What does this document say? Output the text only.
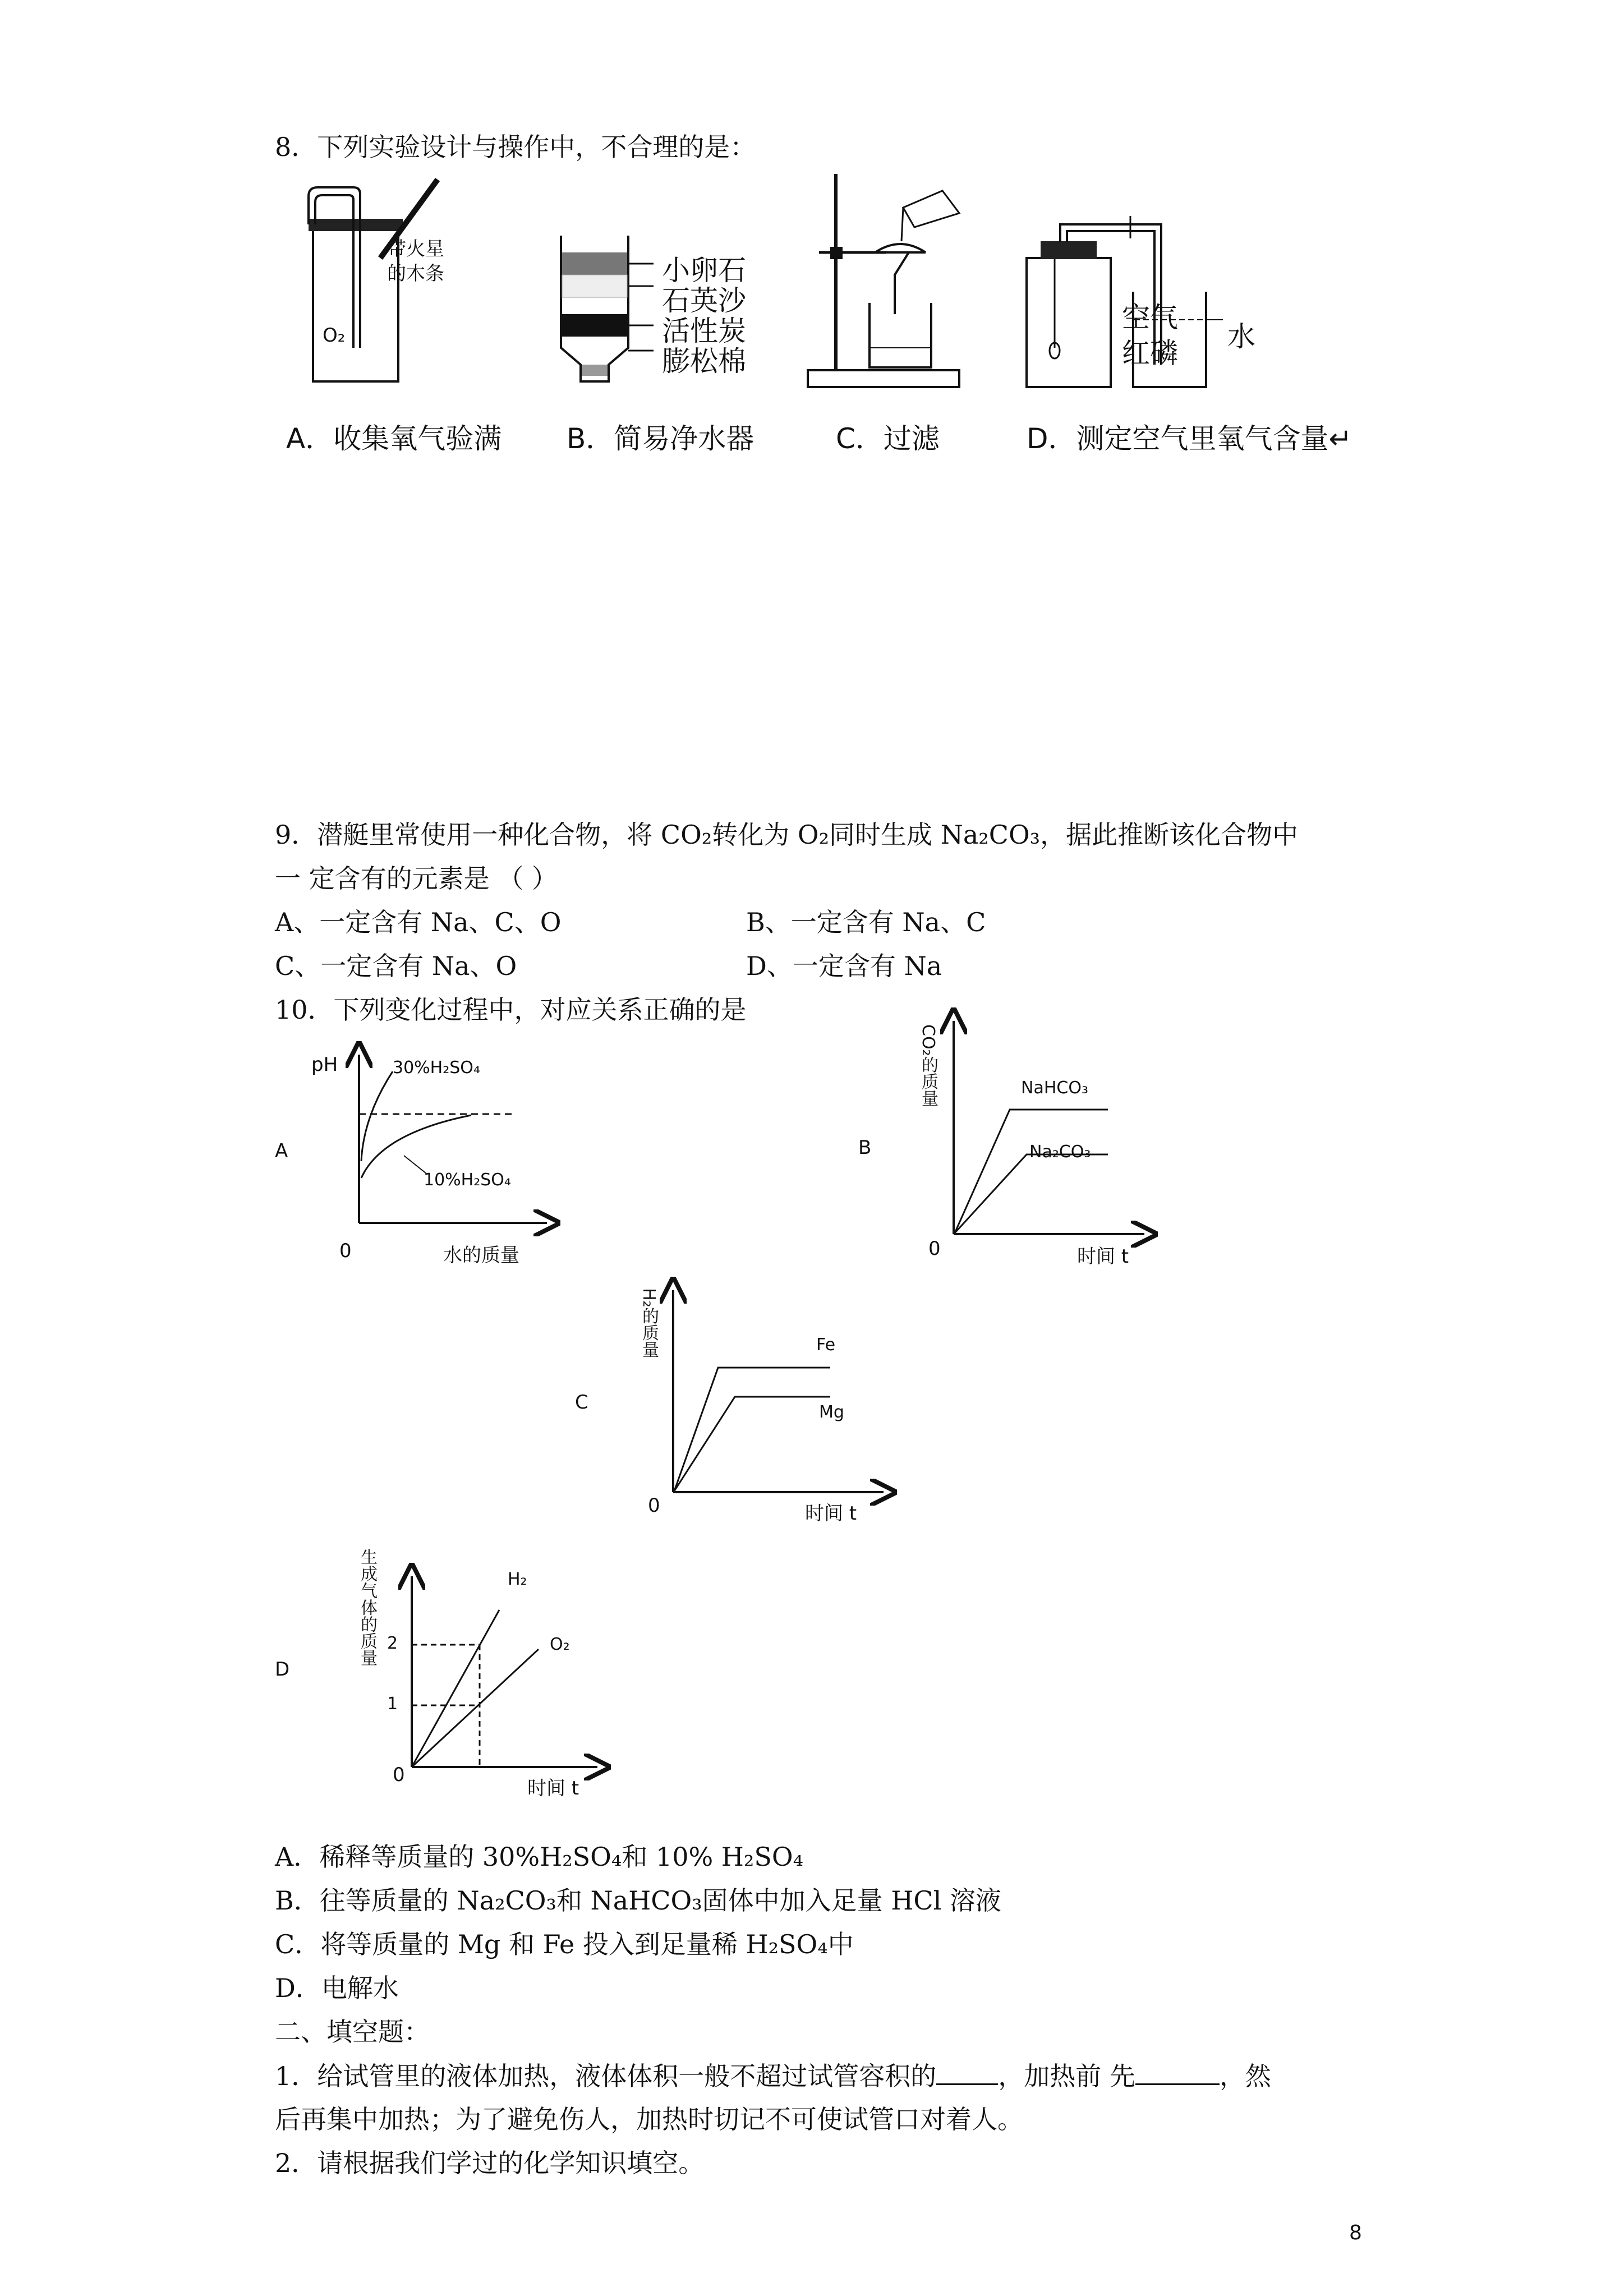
8．下列实验设计与操作中，不合理的是：
带火星
的木条
O₂
小卵石
石英沙
活性炭
膨松棉
空气
红磷
水
A．收集氧气验满 B．简易净水器	C．过滤	D．测定空气里氧气含量↵
9．潜艇里常使用一种化合物，将 CO₂转化为 O₂同时生成 Na₂CO₃，据此推断该化合物中
一 定含有的元素是 （ ）
A、一定含有 Na、C、O	B、一定含有 Na、C
C、一定含有 Na、O	D、一定含有 Na
10．下列变化过程中，对应关系正确的是
A
pH	30%H₂SO₄
10%H₂SO₄
0	水的质量
B
CO₂的质量	NaHCO₃
Na₂CO₃
0	时间 t
C
H₂的质量	Fe
Mg
0	时间 t
D
生成气体的质量 2
1
H₂
O₂
0
时间 t
A．稀释等质量的 30%H₂SO₄和 10% H₂SO₄
B．往等质量的 Na₂CO₃和 NaHCO₃固体中加入足量 HCl 溶液
C．将等质量的 Mg 和 Fe 投入到足量稀 H₂SO₄中
D．电解水
二、填空题：
1．给试管里的液体加热，液体体积一般不超过试管容积的 ，加热前 先	，然
后再集中加热；为了避免伤人，加热时切记不可使试管口对着人。
2．请根据我们学过的化学知识填空。
8
